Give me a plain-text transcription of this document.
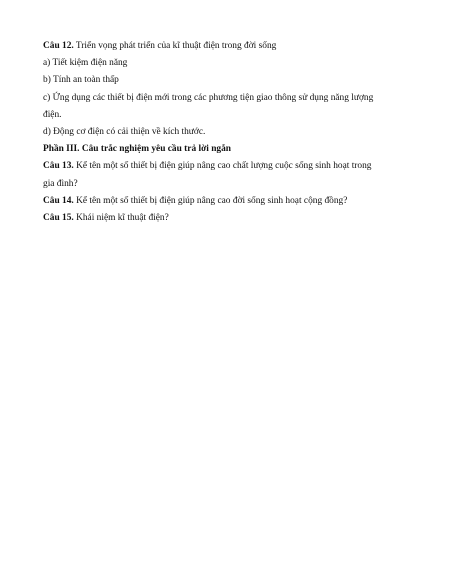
Câu 12. Triển vọng phát triển của kĩ thuật điện trong đời sống

a) Tiết kiệm điện năng

b) Tính an toàn thấp

c) Ứng dụng các thiết bị điện mới trong các phương tiện giao thông sử dụng năng lượng

điện.

d) Động cơ điện có cải thiện về kích thước.

Phần III. Câu trắc nghiệm yêu cầu trả lời ngắn

Câu 13. Kể tên một số thiết bị điện giúp nâng cao chất lượng cuộc sống sinh hoạt trong

gia đình?

Câu 14. Kể tên một số thiết bị điện giúp nâng cao đời sống sinh hoạt cộng đồng?

Câu 15. Khái niệm kĩ thuật điện?
